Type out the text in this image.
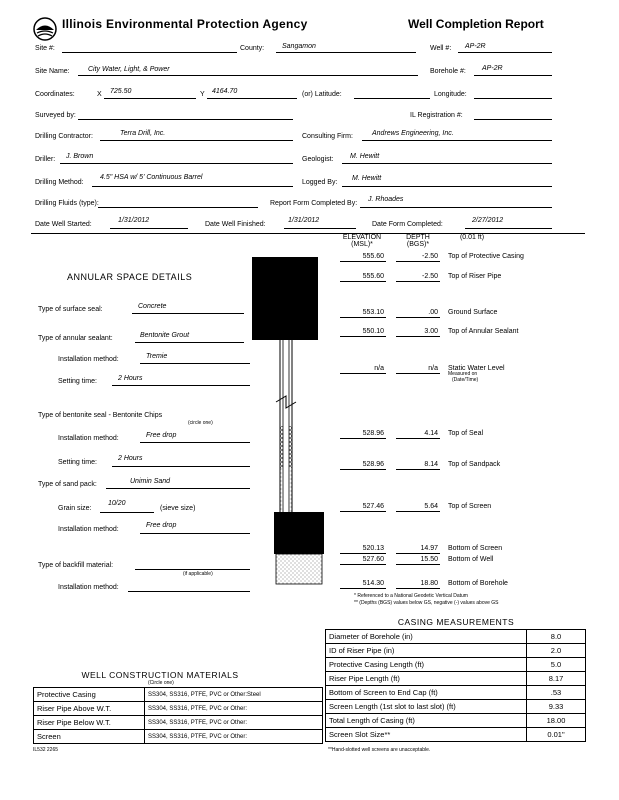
Illinois Environmental Protection Agency	Well Completion Report
Site #:	County:	Sangamon	Well #: AP-2R
Site Name:	City Water, Light, & Power	Borehole #: AP-2R
Coordinates:	X 725.50	Y 4164.70	(or) Latitude:	Longitude:
Surveyed by:	IL Registration #:
Drilling Contractor:	Terra Drill, Inc.	Consulting Firm:	Andrews Engineering, Inc.
Driller: J. Brown	Geologist: M. Hewitt
Drilling Method:
4.5" HSA w/ 5' Continuous Barrel
Logged By:
M. Hewitt
Drilling Fluids (type):	Report Form Completed By:
J. Rhoades
Date Well Started:
1/31/2012
Date Well Finished:
1/31/2012
Date Form Completed:
2/27/2012
ELEVATION
(MSL)*
DEPTH
(BGS)*
(0.01 ft)
555.60	-2.50 Top of Protective Casing
555.60	-2.50 Top of Riser Pipe
553.10	.00 Ground Surface
550.10	3.00 Top of Annular Sealant
n/a	n/a Static Water Level
528.96	4.14 Top of Seal
528.96	8.14 Top of Sandpack
527.46	5.64 Top of Screen
520.13	14.97 Bottom of Screen
527.60	15.50 Bottom of Well
514.30	18.80 Bottom of Borehole
Measured on
(Date/Time)
* Referenced to a National Geodetic Vertical Datum
** (Depths (BGS) values below GS, negative (-) values above GS
ANNULAR SPACE DETAILS
Type of surface seal:	Concrete
Type of annular sealant:	Bentonite Grout
Installation method:	Tremie
Setting time:	2 Hours
Type of bentonite seal - Bentonite Chips
(circle one)
Installation method:	Free drop
Setting time:
2 Hours
Type of sand pack:	Unimin Sand
Grain size:
10/20
(sieve size)
Installation method:
Free drop
Type of backfill material:
(if applicable)
Installation method:
CASING MEASUREMENTS
Diameter of Borehole (in)	8.0
ID of Riser Pipe (in)	2.0
Protective Casing Length (ft)	5.0
Riser Pipe Length (ft)	8.17
Bottom of Screen to End Cap (ft)	.53
Screen Length (1st slot to last slot) (ft)	9.33
Total Length of Casing (ft)	18.00
Screen Slot Size**	0.01"
**Hand-slotted well screens are unacceptable.
WELL CONSTRUCTION MATERIALS
(Circle one)
Protective Casing	SS304, SS316, PTFE, PVC or Other:Steel
Riser Pipe Above W.T.	SS304, SS316, PTFE, PVC or Other:
Riser Pipe Below W.T.	SS304, SS316, PTFE, PVC or Other:
Screen	SS304, SS316, PTFE, PVC or Other:
IL532 2265
